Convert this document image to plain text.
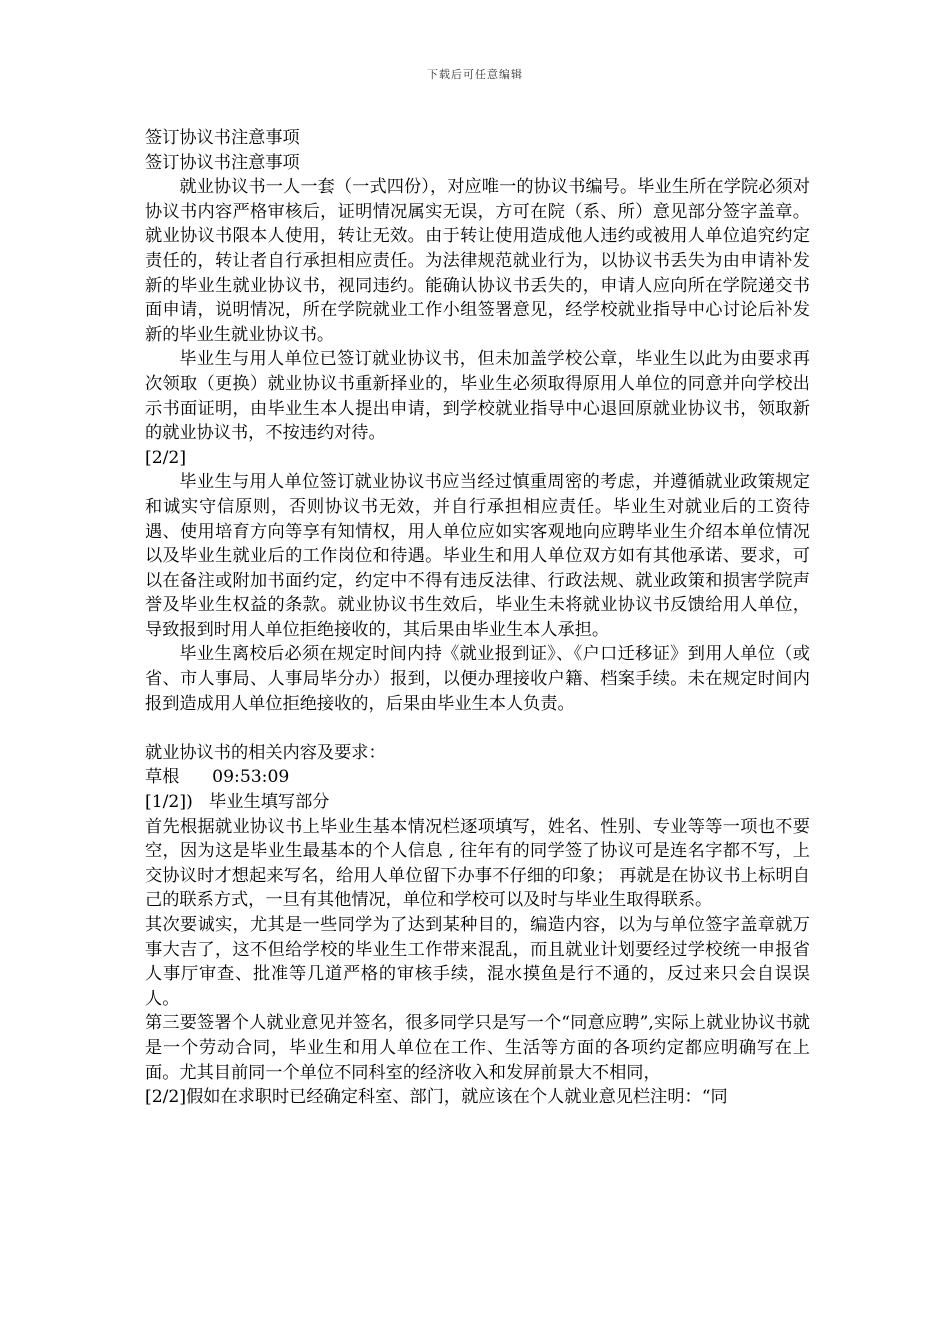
下载后可任意编辑

签订协议书注意事项

签订协议书注意事项

就业协议书一人一套（一式四份），对应唯一的协议书编号。毕业生所在学院必须对协议书内容严格审核后，证明情况属实无误，方可在院（系、所）意见部分签字盖章。就业协议书限本人使用，转让无效。由于转让使用造成他人违约或被用人单位追究约定责任的，转让者自行承担相应责任。为法律规范就业行为，以协议书丢失为由申请补发新的毕业生就业协议书，视同违约。能确认协议书丢失的，申请人应向所在学院递交书面申请，说明情况，所在学院就业工作小组签署意见，经学校就业指导中心讨论后补发新的毕业生就业协议书。

毕业生与用人单位已签订就业协议书，但未加盖学校公章，毕业生以此为由要求再次领取（更换）就业协议书重新择业的，毕业生必须取得原用人单位的同意并向学校出示书面证明，由毕业生本人提出申请，到学校就业指导中心退回原就业协议书，领取新的就业协议书，不按违约对待。

[2/2]

毕业生与用人单位签订就业协议书应当经过慎重周密的考虑，并遵循就业政策规定和诚实守信原则，否则协议书无效，并自行承担相应责任。毕业生对就业后的工资待遇、使用培育方向等享有知情权，用人单位应如实客观地向应聘毕业生介绍本单位情况以及毕业生就业后的工作岗位和待遇。毕业生和用人单位双方如有其他承诺、要求，可以在备注或附加书面约定，约定中不得有违反法律、行政法规、就业政策和损害学院声誉及毕业生权益的条款。就业协议书生效后，毕业生未将就业协议书反馈给用人单位，导致报到时用人单位拒绝接收的，其后果由毕业生本人承担。

毕业生离校后必须在规定时间内持《就业报到证》、《户口迁移证》到用人单位（或省、市人事局、人事局毕分办）报到，以便办理接收户籍、档案手续。未在规定时间内报到造成用人单位拒绝接收的，后果由毕业生本人负责。

就业协议书的相关内容及要求：

草根      09:53:09

[1/2])   毕业生填写部分

首先根据就业协议书上毕业生基本情况栏逐项填写，姓名、性别、专业等等一项也不要空，因为这是毕业生最基本的个人信息 , 往年有的同学签了协议可是连名字都不写，上交协议时才想起来写名，给用人单位留下办事不仔细的印象； 再就是在协议书上标明自己的联系方式，一旦有其他情况，单位和学校可以及时与毕业生取得联系。

其次要诚实，尤其是一些同学为了达到某种目的，编造内容，以为与单位签字盖章就万事大吉了，这不但给学校的毕业生工作带来混乱，而且就业计划要经过学校统一申报省人事厅审查、批准等几道严格的审核手续，混水摸鱼是行不通的，反过来只会自误误人。

第三要签署个人就业意见并签名，很多同学只是写一个“同意应聘”,实际上就业协议书就是一个劳动合同，毕业生和用人单位在工作、生活等方面的各项约定都应明确写在上面。尤其目前同一个单位不同科室的经济收入和发屏前景大不相同，

[2/2]假如在求职时已经确定科室、部门，就应该在个人就业意见栏注明：“同
